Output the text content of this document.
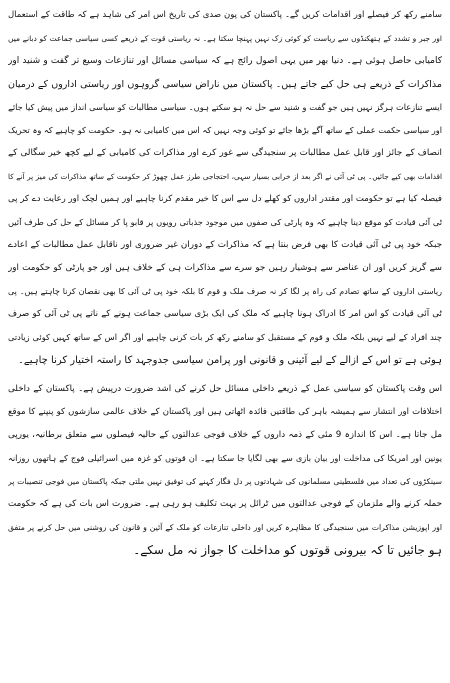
سامنے رکھ کر فیصلے اور اقدامات کریں گے۔ پاکستان کی پون صدی کی تاریخ اس امر کی شاہد ہے کہ طاقت کے استعمال
اور جبر و تشدد کے ہتھکنڈوں سے ریاست کو کوئی زک نہیں پہنچا سکتا ہے۔ نہ ریاستی قوت کے ذریعے کسی سیاسی جماعت کو دبانے میں
کامیابی حاصل ہوئی ہے۔ دنیا بھر میں یہی اصول رائج ہے کہ سیاسی مسائل اور تنازعات وسیع تر گفت و شنید اور
مذاکرات کے ذریعے ہی حل کیے جاتے ہیں۔ پاکستان میں ناراض سیاسی گروہوں اور ریاستی اداروں کے درمیان
ایسے تنازعات ہرگز نہیں ہیں جو گفت و شنید سے حل نہ ہو سکتے ہوں۔ سیاسی مطالبات کو سیاسی انداز میں پیش کیا جائے
اور سیاسی حکمت عملی کے ساتھ آگے بڑھا جائے تو کوئی وجہ نہیں کہ اس میں کامیابی نہ ہو۔ حکومت کو چاہیے کہ وہ تحریک
انصاف کے جائز اور قابل عمل مطالبات پر سنجیدگی سے غور کرے اور مذاکرات کی کامیابی کے لیے کچھ خیر سگالی کے
اقدامات بھی کیے جائیں۔ پی ٹی آئی نے اگر بعد از خرابی بسیار سہی، احتجاجی طرز عمل چھوڑ کر حکومت کے ساتھ مذاکرات کی میز پر آنے کا
فیصلہ کیا ہے تو حکومت اور مقتدر اداروں کو کھلے دل سے اس کا خیر مقدم کرنا چاہیے اور ہمیں لچک اور رعایت دے کر پی
ٹی آئی قیادت کو موقع دینا چاہیے کہ وہ پارٹی کی صفوں میں موجود جذباتی رویوں پر قابو پا کر مسائل کے حل کی طرف آئیں
جبکہ خود پی ٹی آئی قیادت کا بھی فرض بنتا ہے کہ مذاکرات کے دوران غیر ضروری اور ناقابل عمل مطالبات کے اعادے
سے گریز کریں اور ان عناصر سے ہوشیار رہیں جو سرے سے مذاکرات ہی کے خلاف ہیں اور جو پارٹی کو حکومت اور
ریاستی اداروں کے ساتھ تصادم کی راہ پر لگا کر نہ صرف ملک و قوم کا بلکہ خود پی ٹی آئی کا بھی نقصان کرنا چاہتے ہیں۔ پی
ٹی آئی قیادت کو اس امر کا ادراک ہونا چاہیے کہ ملک کی ایک بڑی سیاسی جماعت ہونے کے ناتے پی ٹی آئی کو صرف
چند افراد کے لیے نہیں بلکہ ملک و قوم کے مستقبل کو سامنے رکھ کر بات کرنی چاہیے اور اگر اس کے ساتھ کہیں کوئی زیادتی
ہوئی ہے تو اس کے ازالے کے لیے آئینی و قانونی اور پرامن سیاسی جدوجہد کا راستہ اختیار کرنا چاہیے۔
اس وقت پاکستان کو سیاسی عمل کے ذریعے داخلی مسائل حل کرنے کی اشد ضرورت درپیش ہے۔ پاکستان کے داخلی
اختلافات اور انتشار سے ہمیشہ باہر کی طاقتیں فائدہ اٹھاتی ہیں اور پاکستان کے خلاف عالمی سازشوں کو پنپنے کا موقع
مل جاتا ہے۔ اس کا اندازہ 9 مئی کے ذمہ داروں کے خلاف فوجی عدالتوں کے حالیہ فیصلوں سے متعلق برطانیہ، یورپی
یونین اور امریکا کی مداخلت اور بیان بازی سے بھی لگایا جا سکتا ہے۔ ان قوتوں کو غزہ میں اسرائیلی فوج کے ہاتھوں روزانہ
سینکڑوں کی تعداد میں فلسطینی مسلمانوں کی شہادتوں پر دل فگار کہنے کی توفیق نہیں ملتی جبکہ پاکستان میں فوجی تنصیبات پر
حملہ کرنے والے ملزمان کے فوجی عدالتوں میں ٹرائل پر بہت تکلیف ہو رہی ہے۔ ضرورت اس بات کی ہے کہ حکومت
اور اپوزیشن مذاکرات میں سنجیدگی کا مظاہرہ کریں اور داخلی تنازعات کو ملک کے آئین و قانون کی روشنی میں حل کرنے پر متفق
ہو جائیں تا کہ بیرونی قوتوں کو مداخلت کا جواز نہ مل سکے۔
